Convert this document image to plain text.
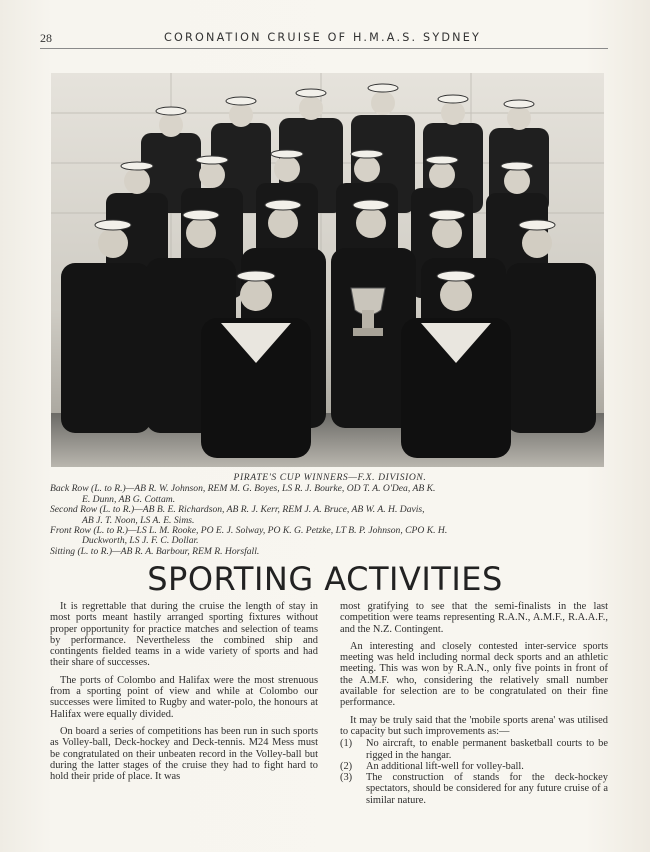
28	CORONATION CRUISE OF H.M.A.S. SYDNEY
PIRATE'S CUP WINNERS—F.X. DIVISION.
Back Row (L. to R.)—AB R. W. Johnson, REM M. G. Boyes, LS R. J. Bourke, OD T. A. O'Dea, AB K.
E. Dunn, AB G. Cottam.
Second Row (L. to R.)—AB B. E. Richardson, AB R. J. Kerr, REM J. A. Bruce, AB W. A. H. Davis,
AB J. T. Noon, LS A. E. Sims.
Front Row (L. to R.)—LS L. M. Rooke, PO E. J. Solway, PO K. G. Petzke, LT B. P. Johnson, CPO K. H.
Duckworth, LS J. F. C. Dollar.
Sitting (L. to R.)—AB R. A. Barbour, REM R. Horsfall.
SPORTING ACTIVITIES

It is regrettable that during the cruise the length of stay in most ports meant hastily arranged sporting fixtures without proper opportunity for practice matches and selection of teams by performance. Nevertheless the combined ship and contingents fielded teams in a wide variety of sports and had their share of successes.

The ports of Colombo and Halifax were the most strenuous from a sporting point of view and while at Colombo our successes were limited to Rugby and water-polo, the honours at Halifax were equally divided.

On board a series of competitions has been run in such sports as Volley-ball, Deck-hockey and Deck-tennis. M24 Mess must be congratulated on their unbeaten record in the Volley-ball but during the latter stages of the cruise they had to fight hard to hold their pride of place. It was

most gratifying to see that the semi-finalists in the last competition were teams representing R.A.N., A.M.F., R.A.A.F., and the N.Z. Contingent.

An interesting and closely contested inter-service sports meeting was held including normal deck sports and an athletic meeting. This was won by R.A.N., only five points in front of the A.M.F. who, considering the relatively small number available for selection are to be congratulated on their fine performance.

It may be truly said that the 'mobile sports arena' was utilised to capacity but such improvements as:—

(1)	No aircraft, to enable permanent basketball courts to be rigged in the hangar.
(2)	An additional lift-well for volley-ball.
(3)	The construction of stands for the deck-hockey spectators, should be considered for any future cruise of a similar nature.
